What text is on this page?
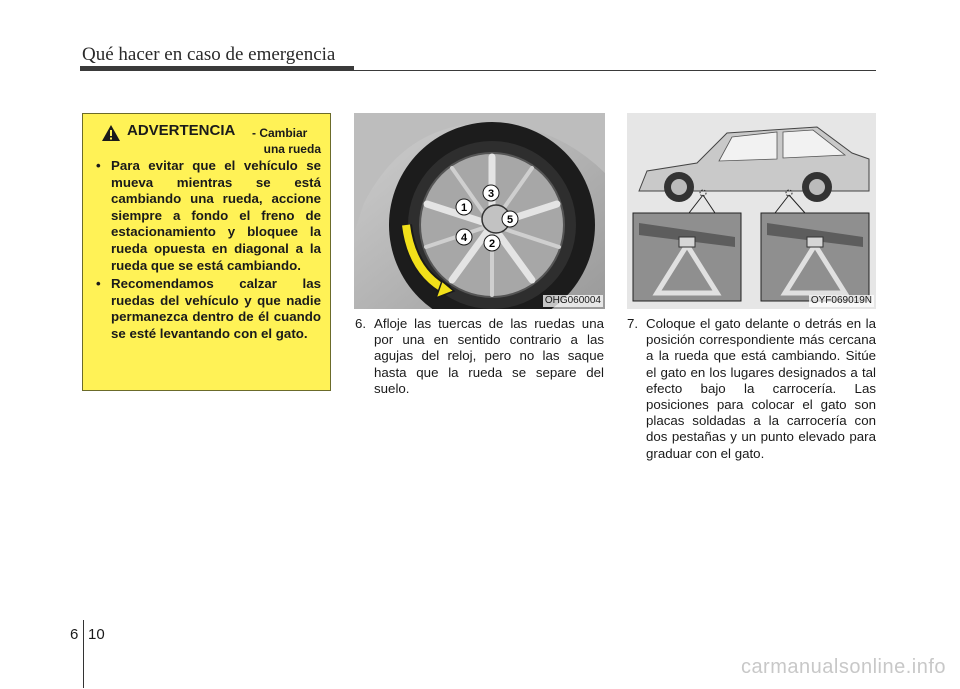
Qué hacer en caso de emergencia
ADVERTENCIA - Cambiar
una rueda
• Para evitar que el vehículo se mueva mientras se está cambiando una rueda, accione siempre a fondo el freno de estacionamiento y bloquee la rueda opuesta en diagonal a la rueda que se está cambiando.
• Recomendamos calzar las ruedas del vehículo y que nadie permanezca dentro de él cuando se esté levantando con el gato.
1
2
3
4
5
OHG060004	OYF069019N
6. Afloje las tuercas de las ruedas una por una en sentido contrario a las agujas del reloj, pero no las saque hasta que la rueda se separe del suelo.
7. Coloque el gato delante o detrás en la posición correspondiente más cercana a la rueda que está cambiando. Sitúe el gato en los lugares designados a tal efecto bajo la carrocería. Las posiciones para colocar el gato son placas soldadas a la carrocería con dos pestañas y un punto elevado para graduar con el gato.
6 10
carmanualsonline.info
